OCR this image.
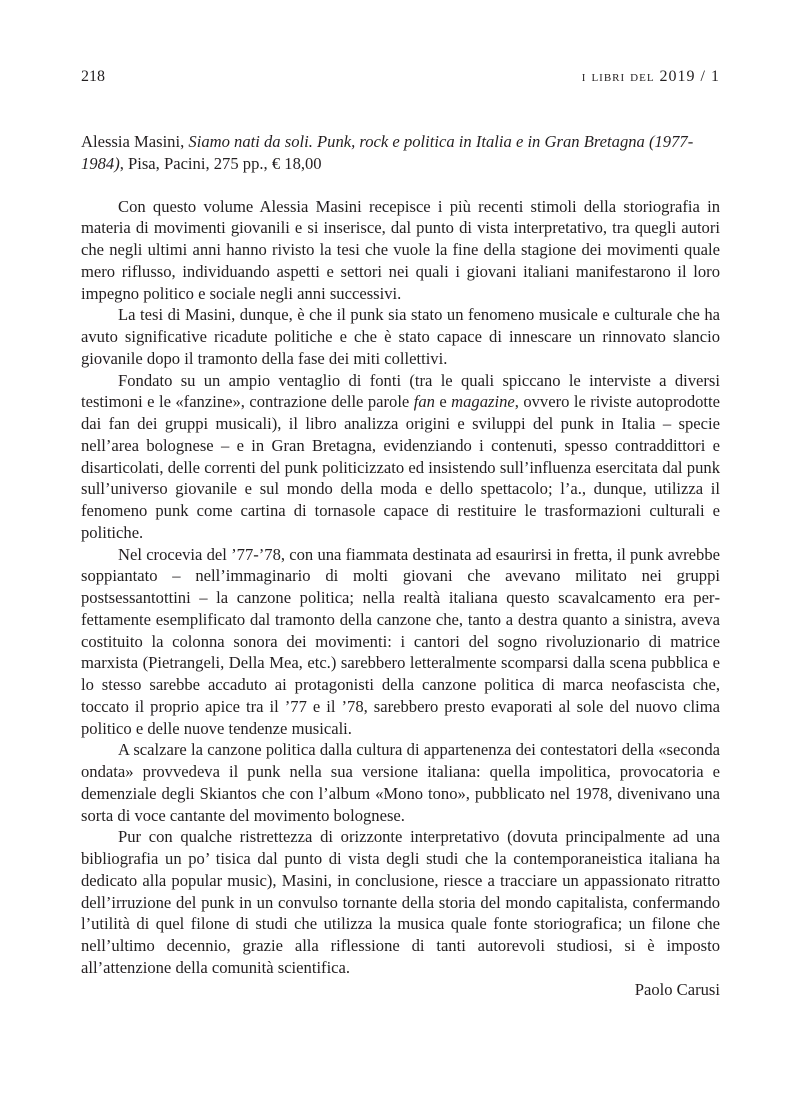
218	i libri del 2019 / 1

Alessia Masini, Siamo nati da soli. Punk, rock e politica in Italia e in Gran Bretagna (1977-1984), Pisa, Pacini, 275 pp., € 18,00

Con questo volume Alessia Masini recepisce i più recenti stimoli della storiografia in materia di movimenti giovanili e si inserisce, dal punto di vista interpretativo, tra quegli autori che negli ultimi anni hanno rivisto la tesi che vuole la fine della stagione dei movimenti quale mero riflusso, individuando aspetti e settori nei quali i giovani italiani manifestarono il loro impegno politico e sociale negli anni successivi.

La tesi di Masini, dunque, è che il punk sia stato un fenomeno musicale e culturale che ha avuto significative ricadute politiche e che è stato capace di innescare un rinnovato slancio giovanile dopo il tramonto della fase dei miti collettivi.

Fondato su un ampio ventaglio di fonti (tra le quali spiccano le interviste a diversi testimoni e le «fanzine», contrazione delle parole fan e magazine, ovvero le riviste autoprodotte dai fan dei gruppi musicali), il libro analizza origini e sviluppi del punk in Italia – specie nell’area bolognese – e in Gran Bretagna, evidenziando i contenuti, spesso contraddittori e disarticolati, delle correnti del punk politicizzato ed insistendo sull’influenza esercitata dal punk sull’universo giovanile e sul mondo della moda e dello spettacolo; l’a., dunque, utilizza il fenomeno punk come cartina di tornasole capace di restituire le trasformazioni culturali e politiche.

Nel crocevia del ’77-’78, con una fiammata destinata ad esaurirsi in fretta, il punk avrebbe soppiantato – nell’immaginario di molti giovani che avevano militato nei gruppi postsessantottini – la canzone politica; nella realtà italiana questo scavalcamento era perfettamente esemplificato dal tramonto della canzone che, tanto a destra quanto a sinistra, aveva costituito la colonna sonora dei movimenti: i cantori del sogno rivoluzionario di matrice marxista (Pietrangeli, Della Mea, etc.) sarebbero letteralmente scomparsi dalla scena pubblica e lo stesso sarebbe accaduto ai protagonisti della canzone politica di marca neofascista che, toccato il proprio apice tra il ’77 e il ’78, sarebbero presto evaporati al sole del nuovo clima politico e delle nuove tendenze musicali.

A scalzare la canzone politica dalla cultura di appartenenza dei contestatori della «seconda ondata» provvedeva il punk nella sua versione italiana: quella impolitica, provocatoria e demenziale degli Skiantos che con l’album «Mono tono», pubblicato nel 1978, divenivano una sorta di voce cantante del movimento bolognese.

Pur con qualche ristrettezza di orizzonte interpretativo (dovuta principalmente ad una bibliografia un po’ tisica dal punto di vista degli studi che la contemporaneistica italiana ha dedicato alla popular music), Masini, in conclusione, riesce a tracciare un appassionato ritratto dell’irruzione del punk in un convulso tornante della storia del mondo capitalista, confermando l’utilità di quel filone di studi che utilizza la musica quale fonte storiografica; un filone che nell’ultimo decennio, grazie alla riflessione di tanti autorevoli studiosi, si è imposto all’attenzione della comunità scientifica.

Paolo Carusi
